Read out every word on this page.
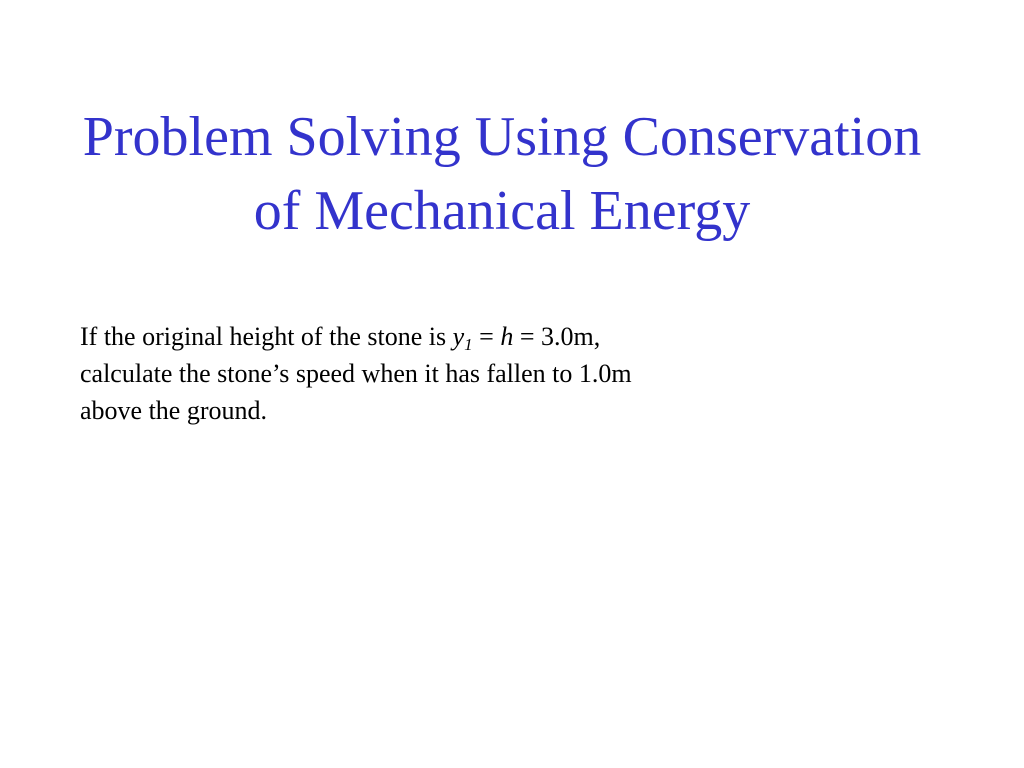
Problem Solving Using Conservation
of Mechanical Energy

If the original height of the stone is $y_1 = h = 3.0m$,
calculate the stone’s speed when it has fallen to 1.0m
above the ground.
